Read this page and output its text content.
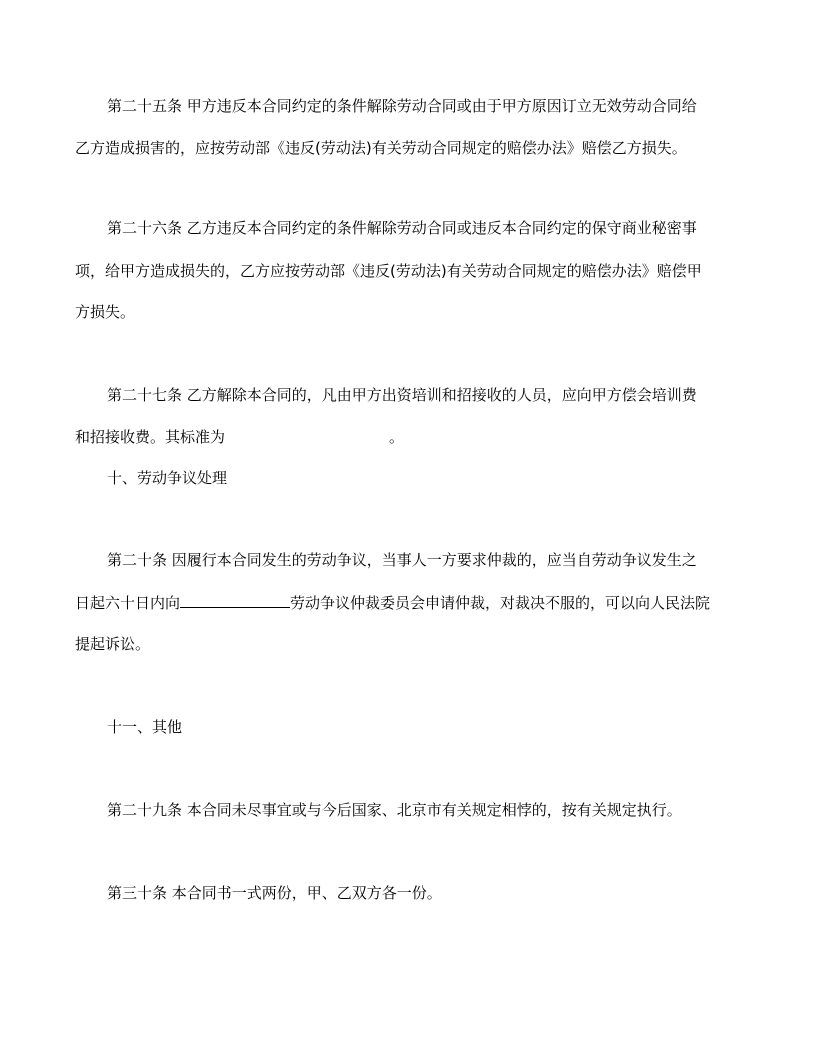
第二十五条 甲方违反本合同约定的条件解除劳动合同或由于甲方原因订立无效劳动合同给
乙方造成损害的，应按劳动部《违反(劳动法)有关劳动合同规定的赔偿办法》赔偿乙方损失。
第二十六条 乙方违反本合同约定的条件解除劳动合同或违反本合同约定的保守商业秘密事
项，给甲方造成损失的，乙方应按劳动部《违反(劳动法)有关劳动合同规定的赔偿办法》赔偿甲
方损失。
第二十七条 乙方解除本合同的，凡由甲方出资培训和招接收的人员，应向甲方偿会培训费
和招接收费。其标准为	。
十、劳动争议处理
第二十条 因履行本合同发生的劳动争议，当事人一方要求仲裁的，应当自劳动争议发生之
日起六十日内向	劳动争议仲裁委员会申请仲裁，对裁决不服的，可以向人民法院
提起诉讼。
十一、其他
第二十九条 本合同未尽事宜或与今后国家、北京市有关规定相悖的，按有关规定执行。
第三十条 本合同书一式两份，甲、乙双方各一份。
